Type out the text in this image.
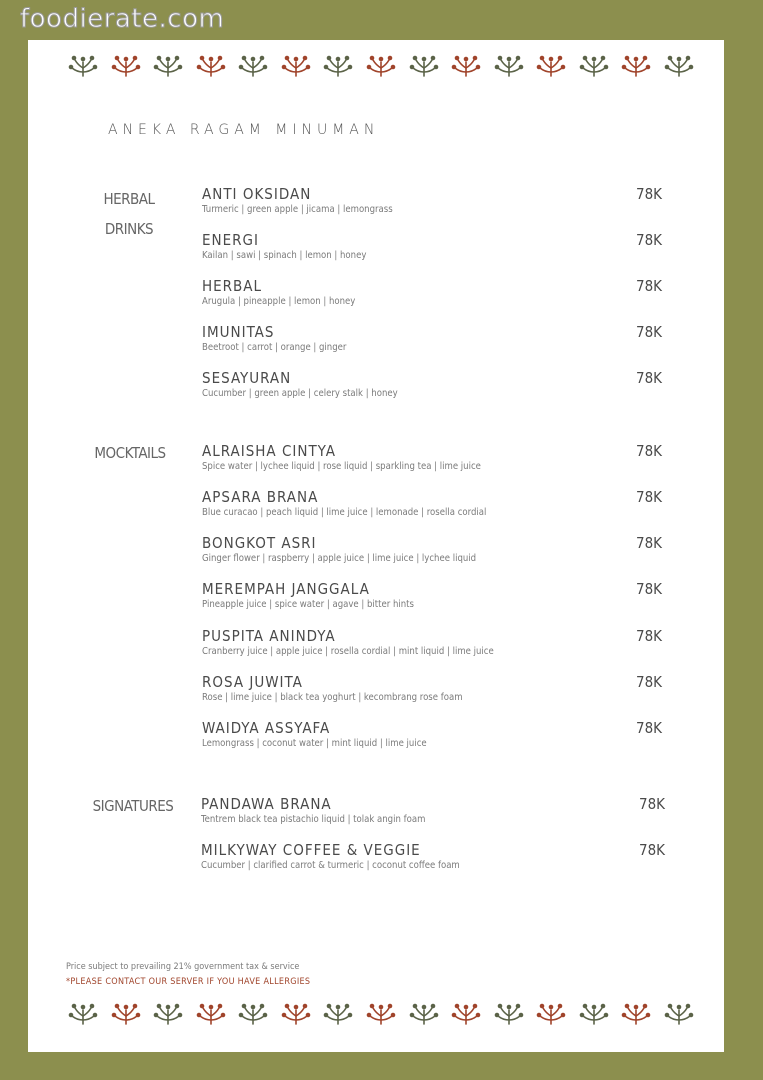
foodierate.com
ANEKA RAGAM MINUMAN
HERBAL
DRINKS
ANTI OKSIDAN
Turmeric | green apple | jicama | lemongrass
78K
ENERGI
Kailan | sawi | spinach | lemon | honey
78K
HERBAL
Arugula | pineapple | lemon | honey
78K
IMUNITAS
Beetroot | carrot | orange | ginger
78K
SESAYURAN
Cucumber | green apple | celery stalk | honey
78K
MOCKTAILS ALRAISHA CINTYA
Spice water | lychee liquid | rose liquid | sparkling tea | lime juice
78K
APSARA BRANA
Blue curacao | peach liquid | lime juice | lemonade | rosella cordial
78K
BONGKOT ASRI
Ginger flower | raspberry | apple juice | lime juice | lychee liquid
78K
MEREMPAH JANGGALA
Pineapple juice | spice water | agave | bitter hints
78K
PUSPITA ANINDYA
Cranberry juice | apple juice | rosella cordial | mint liquid | lime juice
78K
ROSA JUWITA
Rose | lime juice | black tea yoghurt | kecombrang rose foam
78K
WAIDYA ASSYAFA
Lemongrass | coconut water | mint liquid | lime juice
78K
SIGNATURES PANDAWA BRANA
Tentrem black tea pistachio liquid | tolak angin foam
78K
MILKYWAY COFFEE & VEGGIE
Cucumber | clarified carrot & turmeric | coconut coffee foam
78K
Price subject to prevailing 21% government tax & service
*PLEASE CONTACT OUR SERVER IF YOU HAVE ALLERGIES
